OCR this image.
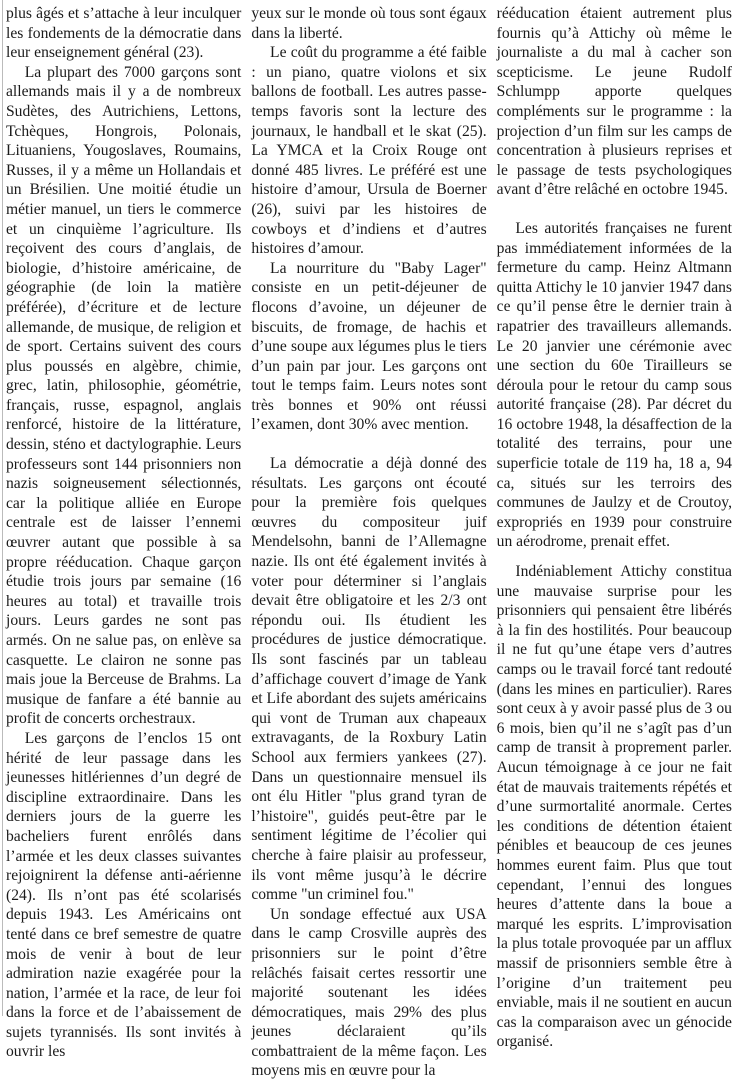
plus âgés et s’attache à leur inculquer les fondements de la démocratie dans leur enseignement général (23).

La plupart des 7000 garçons sont allemands mais il y a de nombreux Sudètes, des Autrichiens, Lettons, Tchèques, Hongrois, Polonais, Lituaniens, Yougoslaves, Roumains, Russes, il y a même un Hollandais et un Brésilien. Une moitié étudie un métier manuel, un tiers le commerce et un cinquième l’agriculture. Ils reçoivent des cours d’anglais, de biologie, d’histoire américaine, de géographie (de loin la matière préférée), d’écriture et de lecture allemande, de musique, de religion et de sport. Certains suivent des cours plus poussés en algèbre, chimie, grec, latin, philosophie, géométrie, français, russe, espagnol, anglais renforcé, histoire de la littérature, dessin, sténo et dactylographie. Leurs professeurs sont 144 prisonniers non nazis soigneusement sélectionnés, car la politique alliée en Europe centrale est de laisser l’ennemi œuvrer autant que possible à sa propre rééducation. Chaque garçon étudie trois jours par semaine (16 heures au total) et travaille trois jours. Leurs gardes ne sont pas armés. On ne salue pas, on enlève sa casquette. Le clairon ne sonne pas mais joue la Berceuse de Brahms. La musique de fanfare a été bannie au profit de concerts orchestraux.

Les garçons de l’enclos 15 ont hérité de leur passage dans les jeunesses hitlériennes d’un degré de discipline extraordinaire. Dans les derniers jours de la guerre les bacheliers furent enrôlés dans l’armée et les deux classes suivantes rejoignirent la défense anti-aérienne (24). Ils n’ont pas été scolarisés depuis 1943. Les Américains ont tenté dans ce bref semestre de quatre mois de venir à bout de leur admiration nazie exagérée pour la nation, l’armée et la race, de leur foi dans la force et de l’abaissement de sujets tyrannisés. Ils sont invités à ouvrir les

yeux sur le monde où tous sont égaux dans la liberté.

Le coût du programme a été faible : un piano, quatre violons et six ballons de football. Les autres passe-temps favoris sont la lecture des journaux, le handball et le skat (25). La YMCA et la Croix Rouge ont donné 485 livres. Le préféré est une histoire d’amour, Ursula de Boerner (26), suivi par les histoires de cowboys et d’indiens et d’autres histoires d’amour.

La nourriture du "Baby Lager" consiste en un petit-déjeuner de flocons d’avoine, un déjeuner de biscuits, de fromage, de hachis et d’une soupe aux légumes plus le tiers d’un pain par jour. Les garçons ont tout le temps faim. Leurs notes sont très bonnes et 90% ont réussi l’examen, dont 30% avec mention.

La démocratie a déjà donné des résultats. Les garçons ont écouté pour la première fois quelques œuvres du compositeur juif Mendelsohn, banni de l’Allemagne nazie. Ils ont été également invités à voter pour déterminer si l’anglais devait être obligatoire et les 2/3 ont répondu oui. Ils étudient les procédures de justice démocratique. Ils sont fascinés par un tableau d’affichage couvert d’image de Yank et Life abordant des sujets américains qui vont de Truman aux chapeaux extravagants, de la Roxbury Latin School aux fermiers yankees (27). Dans un questionnaire mensuel ils ont élu Hitler "plus grand tyran de l’histoire", guidés peut-être par le sentiment légitime de l’écolier qui cherche à faire plaisir au professeur, ils vont même jusqu’à le décrire comme "un criminel fou."

Un sondage effectué aux USA dans le camp Crosville auprès des prisonniers sur le point d’être relâchés faisait certes ressortir une majorité soutenant les idées démocratiques, mais 29% des plus jeunes déclaraient qu’ils combattraient de la même façon. Les moyens mis en œuvre pour la

rééducation étaient autrement plus fournis qu’à Attichy où même le journaliste a du mal à cacher son scepticisme. Le jeune Rudolf Schlumpp apporte quelques compléments sur le programme : la projection d’un film sur les camps de concentration à plusieurs reprises et le passage de tests psychologiques avant d’être relâché en octobre 1945.

Les autorités françaises ne furent pas immédiatement informées de la fermeture du camp. Heinz Altmann quitta Attichy le 10 janvier 1947 dans ce qu’il pense être le dernier train à rapatrier des travailleurs allemands. Le 20 janvier une cérémonie avec une section du 60e Tirailleurs se déroula pour le retour du camp sous autorité française (28). Par décret du 16 octobre 1948, la désaffection de la totalité des terrains, pour une superficie totale de 119 ha, 18 a, 94 ca, situés sur les terroirs des communes de Jaulzy et de Croutoy, expropriés en 1939 pour construire un aérodrome, prenait effet.

Indéniablement Attichy constitua une mauvaise surprise pour les prisonniers qui pensaient être libérés à la fin des hostilités. Pour beaucoup il ne fut qu’une étape vers d’autres camps ou le travail forcé tant redouté (dans les mines en particulier). Rares sont ceux à y avoir passé plus de 3 ou 6 mois, bien qu’il ne s’agît pas d’un camp de transit à proprement parler. Aucun témoignage à ce jour ne fait état de mauvais traitements répétés et d’une surmortalité anormale. Certes les conditions de détention étaient pénibles et beaucoup de ces jeunes hommes eurent faim. Plus que tout cependant, l’ennui des longues heures d’attente dans la boue a marqué les esprits. L’improvisation la plus totale provoquée par un afflux massif de prisonniers semble être à l’origine d’un traitement peu enviable, mais il ne soutient en aucun cas la comparaison avec un génocide organisé.
